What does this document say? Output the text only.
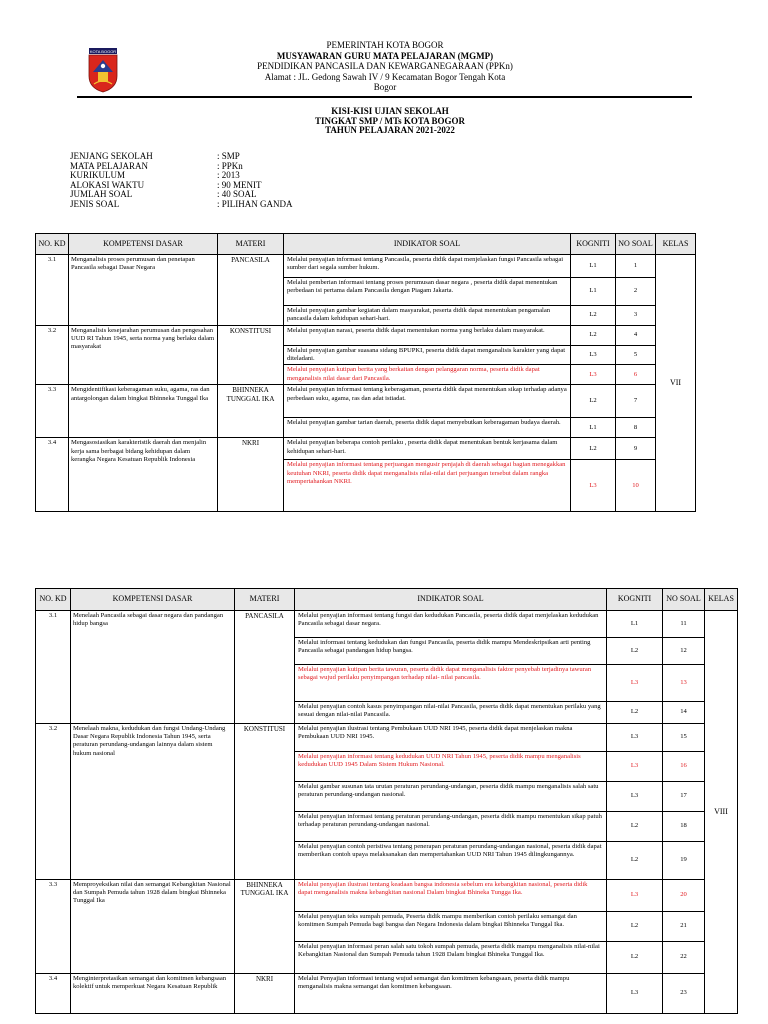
KOTA BOGOR
PEMERINTAH KOTA BOGOR
MUSYAWARAN GURU MATA PELAJARAN (MGMP)
PENDIDIKAN PANCASILA DAN KEWARGANEGARAAN (PPKn)
Alamat : JL. Gedong Sawah IV / 9 Kecamatan Bogor Tengah Kota
Bogor
KISI-KISI UJIAN SEKOLAH
TINGKAT SMP / MTs KOTA BOGOR
TAHUN PELAJARAN 2021-2022
JENJANG SEKOLAH	: SMP
MATA PELAJARAN	: PPKn
KURIKULUM	: 2013
ALOKASI WAKTU	: 90 MENIT
JUMLAH SOAL	: 40 SOAL
JENIS SOAL	: PILIHAN GANDA
NO. KD	KOMPETENSI DASAR	MATERI	INDIKATOR SOAL	KOGNITI	NO SOAL	KELAS
3.1	Menganalisis proses perumusan dan penetapan Pancasila sebagai Dasar Negara	PANCASILA	Melalui penyajian informasi tentang Pancasila, peserta didik dapat menjelaskan fungsi Pancasila sebagai sumber dari segala sumber hukum.	L1	1	VII
			Melalui pemberian informasi tentang proses perumusan dasar negara , peserta didik dapat menentukan perbedaan isi pertama dalam Pancasila dengan Piagam Jakarta.	L1	2	
			Melalui penyajian gambar kegiatan dalam masyarakat, peserta didik dapat menentukan pengamalan pancasila dalam kehidupan sehari-hari.	L2	3	
3.2	Menganalisis kesejarahan perumusan dan pengesahan UUD RI Tahun 1945, serta norma yang berlaku dalam masyarakat	KONSTITUSI	Melalui penyajian narasi, peserta didik dapat menentukan norma yang berlaku dalam masyarakat.	L2	4	
			Melalui penyajian gambar suasana sidang BPUPKI, peserta didik dapat menganalisis karakter yang dapat diteladani.	L3	5	
			Melalui penyajian kutipan berita yang berkaitan dengan pelanggaran norma, peserta didik dapat menganalisis nilai dasar dari Pancasila.	L3	6	
3.3	Mengidentifikasi keberagaman suku, agama, ras dan antargolongan dalam bingkai Bhinneka Tunggal Ika	BHINNEKA TUNGGAL IKA	Melalui penyajian informasi tentang keberagaman, peserta didik dapat menentukan sikap terhadap adanya perbedaan suku, agama, ras dan adat istiadat.	L2	7	
			Melalui penyajian gambar tarian daerah, peserta didik dapat menyebutkan keberagaman budaya daerah.	L1	8	
3.4	Mengasosiasikan karakteristik daerah dan menjalin kerja sama berbagai bidang kehidupan dalam kerangka Negara Kesatuan Republik Indonesia	NKRI	Melalui penyajian beberapa contoh perilaku , peserta didik dapat menentukan bentuk kerjasama dalam kehidupan sehari-hari.	L2	9	
			Melalui penyajian informasi tentang perjuangan mengusir penjajah di daerah sebagai bagian menegakkan keutuhan NKRI, peserta didik dapat menganalisis nilai-nilai dari perjuangan tersebut dalam rangka mempertahankan NKRI.	L3	10	
NO. KD	KOMPETENSI DASAR	MATERI	INDIKATOR SOAL	KOGNITI	NO SOAL	KELAS
3.1	Menelaah Pancasila sebagai dasar negara dan pandangan hidup bangsa	PANCASILA	Melalui penyajian informasi tentang fungsi dan kedudukan Pancasila, peserta didik dapat menjelaskan kedudukan Pancasila sebagai dasar negara.	L1	11	VIII
			Melalui informasi tentang kedudukan dan fungsi Pancasila, peserta didik mampu Mendeskripsikan arti penting Pancasila sebagai pandangan hidup bangsa.	L2	12	
			Melalui penyajian kutipan berita tawuran, peserta didik dapat menganalisis faktor penyebab terjadinya tawuran sebagai wujud perilaku penyimpangan terhadap nilai- nilai pancasila.	L3	13	
			Melalui penyajian contoh kasus penyimpangan nilai-nilai Pancasila, peserta didik dapat menentukan perilaku yang sesuai dengan nilai-nilai Pancasila.	L2	14	
3.2	Menelaah makna, kedudukan dan fungsi Undang-Undang Dasar Negara Republik Indonesia Tahun 1945, serta peraturan perundang-undangan lainnya dalam sistem hukum nasional	KONSTITUSI	Melalui penyajian ilustrasi tentang Pembukaan UUD NRI 1945, peserta didik dapat menjelaskan makna Pembukaan UUD NRI 1945.	L3	15	
			Melalui penyajian informasi tentang kedudukan UUD NRI Tahun 1945, peserta didik mampu menganalisis kedudukan UUD 1945 Dalam Sistem Hukum Nasional.	L3	16	
			Melalui gambar susunan tata urutan peraturan perundang-undangan, peserta didik mampu menganalisis salah satu peraturan perundang-undangan nasional.	L3	17	
			Melalui penyajian informasi tentang peraturan perundang-undangan, peserta didik mampu menentukan sikap patuh terhadap peraturan perundang-undangan nasional.	L2	18	
			Melalui penyajian contoh peristiwa tentang penerapan peraturan perundang-undangan nasional, peserta didik dapat memberikan contoh upaya melaksanakan dan mempertahankan UUD NRI Tahun 1945 dilingkungannya.	L2	19	
3.3	Memproyeksikan nilai dan semangat Kebangkitan Nasional dan Sumpah Pemuda tahun 1928 dalam bingkai Bhinneka Tunggal Ika	BHINNEKA TUNGGAL IKA	Melalui penyajian ilustrasi tentang keadaan bangsa indonesia sebelum era kebangkitan nasional, peserta didik dapat menganalisis makna kebangkitan nasional Dalam bingkai Bhineka Tungga Ika.	L3	20	
			Melalui penyajian teks sumpah pemuda, Peserta didik mampu memberikan contoh perilaku semangat dan komitmen Sumpah Pemuda bagi bangsa dan Negara Indonesia dalam bingkai Bhinneka Tunggal Ika.	L2	21	
			Melalui penyajian informasi peran salah satu tokoh sumpah pemuda, peserta didik mampu menganalisis nilai-nilai Kebangkitan Nasional dan Sumpah Pemuda tahun 1928 Dalam bingkai Bhineka Tunggal Ika.	L2	22	
3.4	Menginterpretasikan semangat dan komitmen kebangsaan kolektif untuk memperkuat Negara Kesatuan Republik	NKRI	Melalui Penyajian informasi tentang wujud semangat dan komitmen kebangsaan, peserta didik mampu menganalisis makna semangat dan komitmen kebangsaan.	L3	23	
